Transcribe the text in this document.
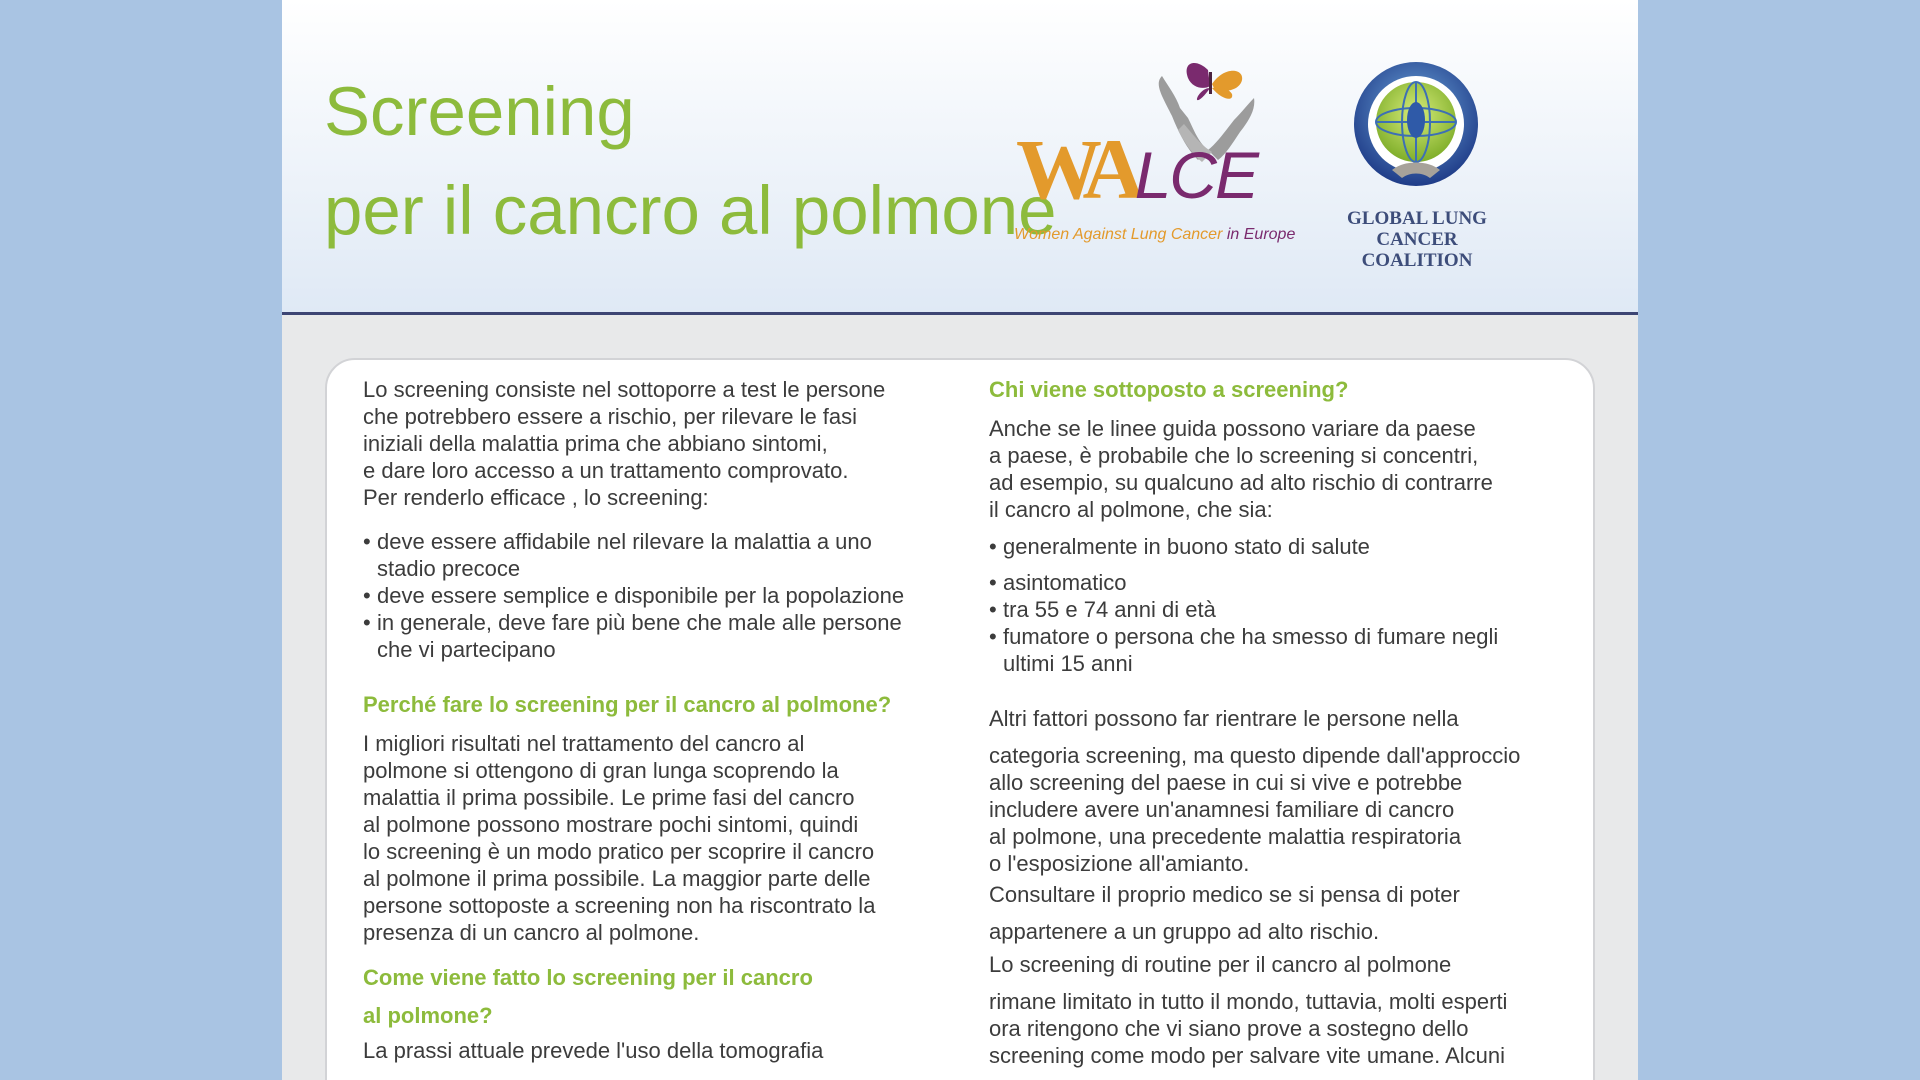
Screening
per il cancro al polmone
WALCE
Women Against Lung Cancer in Europe
GLOBAL LUNG CANCER
COALITION

Lo screening consiste nel sottoporre a test le persone
che potrebbero essere a rischio, per rilevare le fasi
iniziali della malattia prima che abbiano sintomi,
e dare loro accesso a un trattamento comprovato.
Per renderlo efficace , lo screening:

• deve essere affidabile nel rilevare la malattia a uno
stadio precoce
• deve essere semplice e disponibile per la popolazione
• in generale, deve fare più bene che male alle persone
che vi partecipano
Perché fare lo screening per il cancro al polmone?

I migliori risultati nel trattamento del cancro al
polmone si ottengono di gran lunga scoprendo la
malattia il prima possibile. Le prime fasi del cancro
al polmone possono mostrare pochi sintomi, quindi
lo screening è un modo pratico per scoprire il cancro
al polmone il prima possibile. La maggior parte delle
persone sottoposte a screening non ha riscontrato la
presenza di un cancro al polmone.

Come viene fatto lo screening per il cancro
al polmone?

La prassi attuale prevede l'uso della tomografia

Chi viene sottoposto a screening?

Anche se le linee guida possono variare da paese
a paese, è probabile che lo screening si concentri,
ad esempio, su qualcuno ad alto rischio di contrarre
il cancro al polmone, che sia:

• generalmente in buono stato di salute
• asintomatico
• tra 55 e 74 anni di età
• fumatore o persona che ha smesso di fumare negli
ultimi 15 anni

Altri fattori possono far rientrare le persone nella
categoria screening, ma questo dipende dall'approccio
allo screening del paese in cui si vive e potrebbe
includere avere un'anamnesi familiare di cancro
al polmone, una precedente malattia respiratoria
o l'esposizione all'amianto.

Consultare il proprio medico se si pensa di poter
appartenere a un gruppo ad alto rischio.

Lo screening di routine per il cancro al polmone
rimane limitato in tutto il mondo, tuttavia, molti esperti
ora ritengono che vi siano prove a sostegno dello
screening come modo per salvare vite umane. Alcuni
